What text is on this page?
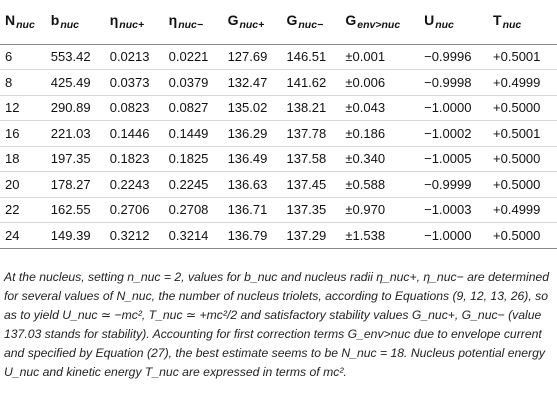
$N_{nuc}$	$b_{nuc}$	$\eta_{nuc+}$	$\eta_{nuc-}$	$G_{nuc+}$	$G_{nuc-}$	$G_{env>nuc}$	$U_{nuc}$	$T_{nuc}$
6	553.42	0.0213	0.0221	127.69	146.51	±0.001	−0.9996	+0.5001
8	425.49	0.0373	0.0379	132.47	141.62	±0.006	−0.9998	+0.4999
12	290.89	0.0823	0.0827	135.02	138.21	±0.043	−1.0000	+0.5000
16	221.03	0.1446	0.1449	136.29	137.78	±0.186	−1.0002	+0.5001
18	197.35	0.1823	0.1825	136.49	137.58	±0.340	−1.0005	+0.5000
20	178.27	0.2243	0.2245	136.63	137.45	±0.588	−0.9999	+0.5000
22	162.55	0.2706	0.2708	136.71	137.35	±0.970	−1.0003	+0.4999
24	149.39	0.3212	0.3214	136.79	137.29	±1.538	−1.0000	+0.5000
At the nucleus, setting n_nuc = 2, values for b_nuc and nucleus radii η_nuc+, η_nuc− are determined for several values of N_nuc, the number of nucleus triolets, according to Equations (9, 12, 13, 26), so as to yield U_nuc ≃ −mc², T_nuc ≃ +mc²/2 and satisfactory stability values G_nuc+, G_nuc− (value 137.03 stands for stability). Accounting for first correction terms G_env>nuc due to envelope current and specified by Equation (27), the best estimate seems to be N_nuc = 18. Nucleus potential energy U_nuc and kinetic energy T_nuc are expressed in terms of mc².
